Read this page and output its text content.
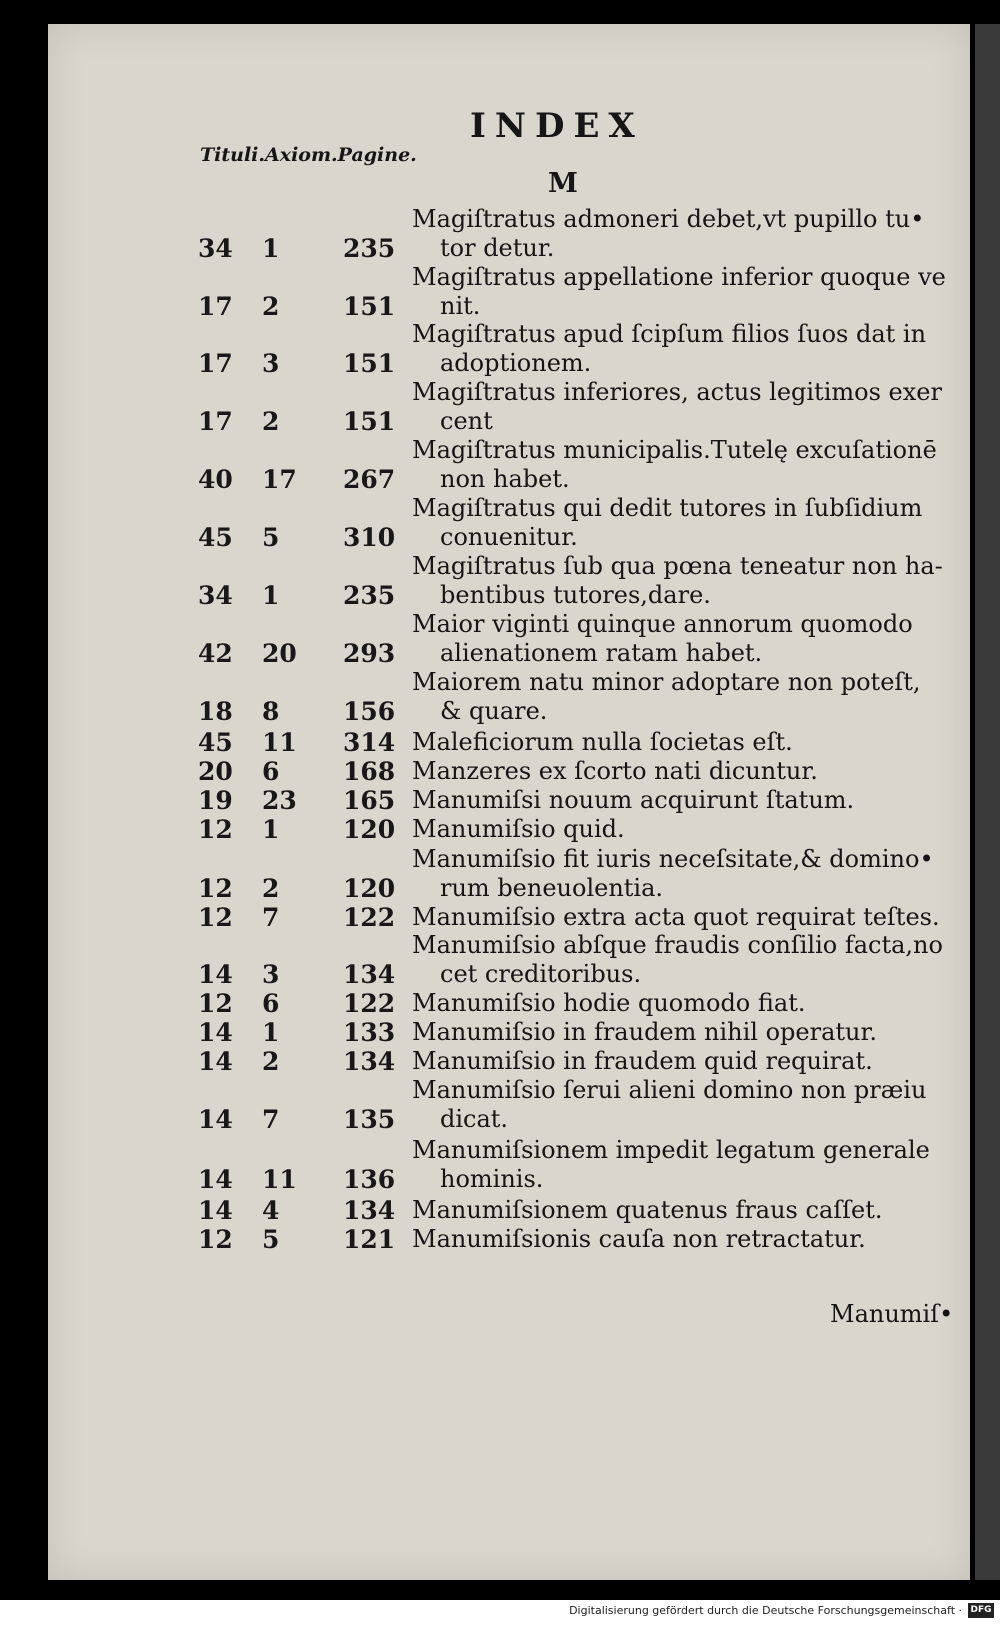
INDEX
Tituli.Axiom.Pagine.
M
34 1	235
Magiſtratus admoneri debet,vt pupillo tu•
tor detur.
17 2	151
Magiſtratus appellatione inferior quoque ve
nit.
17 3	151
Magiſtratus apud ſcipſum filios ſuos dat in
adoptionem.
17 2	151
Magiſtratus inferiores, actus legitimos exer
cent
40 17 267
Magiſtratus municipalis.Tutelę excuſationē
non habet.
45 5	310
Magiſtratus qui dedit tutores in ſubſidium
conuenitur.
34 1	235
Magiſtratus ſub qua pœna teneatur non ha-
bentibus tutores,dare.
42 20 293
Maior viginti quinque annorum quomodo
alienationem ratam habet.
18 8	156
Maiorem natu minor adoptare non poteſt,
& quare.
45 11 314 Maleficiorum nulla ſocietas eſt.
20 6	168 Manzeres ex ſcorto nati dicuntur.
19 23 165 Manumiſsi nouum acquirunt ſtatum.
12 1	120 Manumiſsio quid.
12 2	120
Manumiſsio fit iuris neceſsitate,& domino•
rum beneuolentia.
12 7	122 Manumiſsio extra acta quot requirat teſtes.
14 3	134
Manumiſsio abſque fraudis conſilio facta,no
cet creditoribus.
12 6	122 Manumiſsio hodie quomodo fiat.
14 1	133 Manumiſsio in fraudem nihil operatur.
14 2	134 Manumiſsio in fraudem quid requirat.
14 7	135
Manumiſsio ſerui alieni domino non præiu
dicat.
14 11 136
Manumiſsionem impedit legatum generale
hominis.
14 4	134 Manumiſsionem quatenus fraus caſſet.
12 5	121 Manumiſsionis cauſa non retractatur.
Manumiſ•
Digitalisierung gefördert durch die Deutsche Forschungsgemeinschaft · DFG
